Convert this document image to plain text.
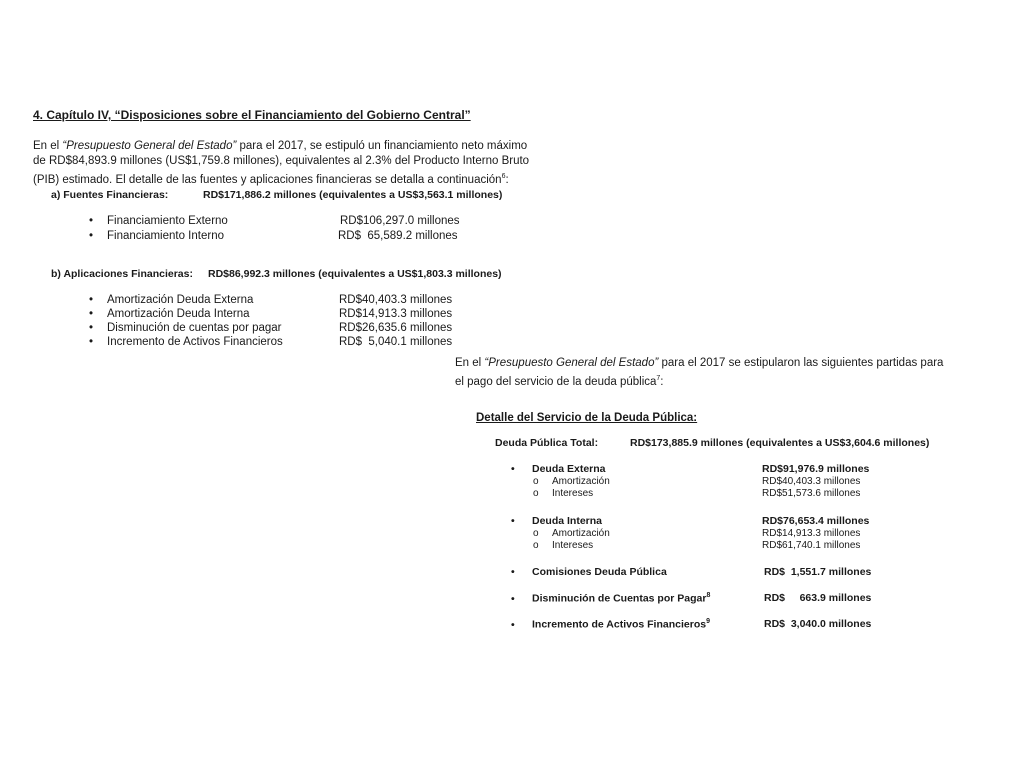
4. Capítulo IV, “Disposiciones sobre el Financiamiento del Gobierno Central”
En el “Presupuesto General del Estado” para el 2017, se estipuló un financiamiento neto máximo
de RD$84,893.9 millones (US$1,759.8 millones), equivalentes al 2.3% del Producto Interno Bruto
(PIB) estimado. El detalle de las fuentes y aplicaciones financieras se detalla a continuación$^6$:
a) Fuentes Financieras:	RD$171,886.2 millones (equivalentes a US$3,563.1 millones)
• Financiamiento Externo	RD$106,297.0 millones
• Financiamiento Interno	RD$  65,589.2 millones
b) Aplicaciones Financieras: RD$86,992.3 millones (equivalentes a US$1,803.3 millones)
• Amortización Deuda Externa	RD$40,403.3 millones
• Amortización Deuda Interna	RD$14,913.3 millones
• Disminución de cuentas por pagar	RD$26,635.6 millones
• Incremento de Activos Financieros	RD$  5,040.1 millones
En el “Presupuesto General del Estado” para el 2017 se estipularon las siguientes partidas para
el pago del servicio de la deuda pública$^7$:
Detalle del Servicio de la Deuda Pública:
Deuda Pública Total:	RD$173,885.9 millones (equivalentes a US$3,604.6 millones)
• Deuda Externa	RD$91,976.9 millones
o Amortización	RD$40,403.3 millones
o Intereses	RD$51,573.6 millones
• Deuda Interna	RD$76,653.4 millones
o Amortización	RD$14,913.3 millones
o Intereses	RD$61,740.1 millones
• Comisiones Deuda Pública	RD$  1,551.7 millones
• Disminución de Cuentas por Pagar$^8$	RD$     663.9 millones
• Incremento de Activos Financieros$^9$	RD$  3,040.0 millones
